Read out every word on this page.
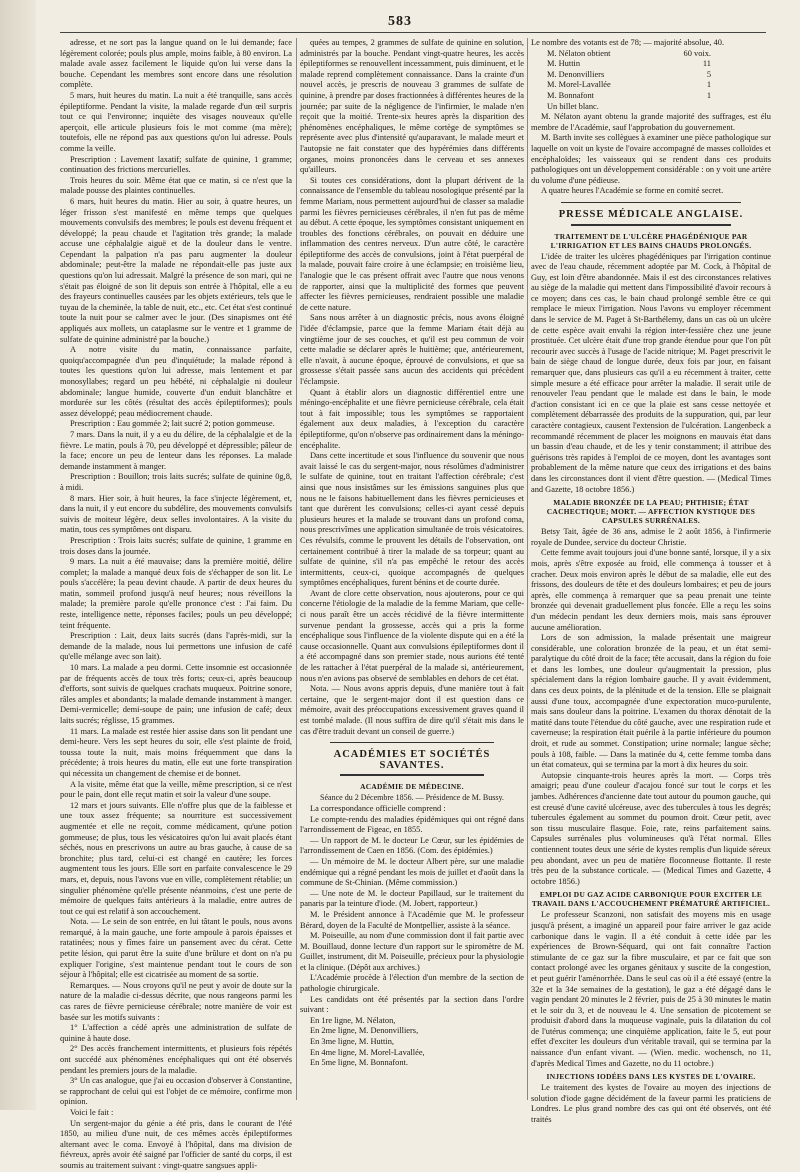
583

adresse, et ne sort pas la langue quand on le lui demande; face légèrement colorée; pouls plus ample, moins faible, à 80 environ. La malade avale assez facilement le liquide qu'on lui verse dans la bouche. Cependant les membres sont encore dans une résolution complète.

5 mars, huit heures du matin. La nuit a été tranquille, sans accès épileptiforme. Pendant la visite, la malade regarde d'un œil surpris tout ce qui l'environne; inquiète des visages nouveaux qu'elle aperçoit, elle articule plusieurs fois le mot comme (ma mère); toutefois, elle ne répond pas aux questions qu'on lui adresse. Pouls comme la veille.

Prescription : Lavement laxatif; sulfate de quinine, 1 gramme; continuation des frictions mercurielles.

Trois heures du soir. Même état que ce matin, si ce n'est que la malade pousse des plaintes continuelles.

6 mars, huit heures du matin. Hier au soir, à quatre heures, un léger frisson s'est manifesté en même temps que quelques mouvements convulsifs des membres; le pouls est devenu fréquent et développé; la peau chaude et l'agitation très grande; la malade accuse une céphalalgie aiguë et de la douleur dans le ventre. Cependant la palpation n'a pas paru augmenter la douleur abdominale; peut-être la malade ne répondait-elle pas juste aux questions qu'on lui adressait. Malgré la présence de son mari, qui ne s'était pas éloigné de son lit depuis son entrée à l'hôpital, elle a eu des frayeurs continuelles causées par les objets extérieurs, tels que le tuyau de la cheminée, la table de nuit, etc., etc. Cet état s'est continué toute la nuit pour se calmer avec le jour. (Des sinapismes ont été appliqués aux mollets, un cataplasme sur le ventre et 1 gramme de sulfate de quinine administré par la bouche.)

A notre visite du matin, connaissance parfaite, quoiqu'accompagnée d'un peu d'inquiétude; la malade répond à toutes les questions qu'on lui adresse, mais lentement et par monosyllabes; regard un peu hébété, ni céphalalgie ni douleur abdominale; langue humide, couverte d'un enduit blanchâtre et mordurée sur les côtés (résultat des accès épileptiformes); pouls assez développé; peau médiocrement chaude.

Prescription : Eau gommée 2; lait sucré 2; potion gommeuse.

7 mars. Dans la nuit, il y a eu du délire, de la céphalalgie et de la fièvre. Le matin, pouls à 70, peu développé et dépressible; pâleur de la face; encore un peu de lenteur dans les réponses. La malade demande instamment à manger.

Prescription : Bouillon; trois laits sucrés; sulfate de quinine 0g,8, à midi.

8 mars. Hier soir, à huit heures, la face s'injecte légèrement, et, dans la nuit, il y eut encore du subdélire, des mouvements convulsifs suivis de moiteur légère, deux selles involontaires. A la visite du matin, tous ces symptômes ont disparu.

Prescription : Trois laits sucrés; sulfate de quinine, 1 gramme en trois doses dans la journée.

9 mars. La nuit a été mauvaise; dans la première moitié, délire complet; la malade a manqué deux fois de s'échapper de son lit. Le pouls s'accélère; la peau devint chaude. A partir de deux heures du matin, sommeil profond jusqu'à neuf heures; nous réveillons la malade; la première parole qu'elle prononce c'est : J'ai faim. Du reste, intelligence nette, réponses faciles; pouls un peu développé; teint fréquente.

Prescription : Lait, deux laits sucrés (dans l'après-midi, sur la demande de la malade, nous lui permettons une infusion de café qu'elle mélange avec son lait).

10 mars. La malade a peu dormi. Cette insomnie est occasionnée par de fréquents accès de toux très forts; ceux-ci, après beaucoup d'efforts, sont suivis de quelques crachats muqueux. Poitrine sonore, râles amples et abondants; la malade demande instamment à manger. Demi-vermicelle; demi-soupe de pain; une infusion de café; deux laits sucrés; réglisse, 15 grammes.

11 mars. La malade est restée hier assise dans son lit pendant une demi-heure. Vers les sept heures du soir, elle s'est plainte de froid, toussa toute la nuit, mais moins fréquemment que dans la précédente; à trois heures du matin, elle eut une forte transpiration qui nécessita un changement de chemise et de bonnet.

A la visite, même état que la veille, même prescription, si ce n'est pour le pain, dont elle reçut matin et soir la valeur d'une soupe.

12 mars et jours suivants. Elle n'offre plus que de la faiblesse et une toux assez fréquente; sa nourriture est successivement augmentée et elle ne reçoit, comme médicament, qu'une potion gommeuse; de plus, tous les vésicatoires qu'on lui avait placés étant séchés, nous en prescrivons un autre au bras gauche, à cause de sa bronchite; plus tard, celui-ci est changé en cautère; les forces augmentent tous les jours. Elle sort en parfaite convalescence le 29 mars, et, depuis, nous l'avons vue en ville, complètement rétablie; un singulier phénomène qu'elle présente néanmoins, c'est une perte de mémoire de quelques faits antérieurs à la maladie, entre autres de tout ce qui est relatif à son accouchement.

Nota. — Le sein de son entrée, en lui tâtant le pouls, nous avons remarqué, à la main gauche, une forte ampoule à parois épaisses et ratatinées; nous y fîmes faire un pansement avec du cérat. Cette petite lésion, qui parut être la suite d'une brûlure et dont on n'a pu expliquer l'origine, s'est maintenue pendant tout le cours de son séjour à l'hôpital; elle est cicatrisée au moment de sa sortie.

Remarques. — Nous croyons qu'il ne peut y avoir de doute sur la nature de la maladie ci-dessus décrite, que nous rangeons parmi les cas rares de fièvre pernicieuse cérébrale; notre manière de voir est basée sur les motifs suivants :

1° L'affection a cédé après une administration de sulfate de quinine à haute dose.

2° Des accès franchement intermittents, et plusieurs fois répétés ont succédé aux phénomènes encéphaliques qui ont été observés pendant les premiers jours de la maladie.

3° Un cas analogue, que j'ai eu occasion d'observer à Constantine, se rapprochant de celui qui est l'objet de ce mémoire, confirme mon opinion.

Voici le fait :

Un sergent-major du génie a été pris, dans le courant de l'été 1850, au milieu d'une nuit, de ces mêmes accès épileptiformes alternant avec le coma. Envoyé à l'hôpital, dans ma division de fiévreux, après avoir été saigné par l'officier de santé du corps, il est soumis au traitement suivant : vingt-quatre sangsues appli-

quées au tempes, 2 grammes de sulfate de quinine en solution, administrés par la bouche. Pendant vingt-quatre heures, les accès épileptiformes se renouvellent incessamment, puis diminuent, et le malade reprend complètement connaissance. Dans la crainte d'un nouvel accès, je prescris de nouveau 3 grammes de sulfate de quinine, à prendre par doses fractionnées à différentes heures de la journée; par suite de la négligence de l'infirmier, le malade n'en reçoit que la moitié. Trente-six heures après la disparition des phénomènes encéphaliques, le même cortège de symptômes se représente avec plus d'intensité qu'auparavant, le malade meurt et l'autopsie ne fait constater que des hypérémies dans différents organes, moins prononcées dans le cerveau et ses annexes qu'ailleurs.

Si toutes ces considérations, dont la plupart dérivent de la connaissance de l'ensemble du tableau nosologique présenté par la femme Mariam, nous permettent aujourd'hui de classer sa maladie parmi les fièvres pernicieuses cérébrales, il n'en fut pas de même au début. A cette époque, les symptômes consistant uniquement en troubles des fonctions cérébrales, on pouvait en déduire une inflammation des centres nerveux. D'un autre côté, le caractère épileptiforme des accès de convulsions, joint à l'état puerpéral de la malade, pouvait faire croire à une éclampsie; en troisième lieu, l'analogie que le cas présent offrait avec l'autre que nous venons de rapporter, ainsi que la multiplicité des formes que peuvent affecter les fièvres pernicieuses, rendraient possible une maladie de cette nature.

Sans nous arrêter à un diagnostic précis, nous avons éloigné l'idée d'éclampsie, parce que la femme Mariam était déjà au vingtième jour de ses couches, et qu'il est peu commun de voir cette maladie se déclarer après le huitième; que, antérieurement, elle n'avait, à aucune époque, éprouvé de convulsions, et que sa grossesse s'était passée sans aucun des accidents qui précèdent l'éclampsie.

Quant à établir alors un diagnostic différentiel entre une méningo-encéphalite et une fièvre pernicieuse cérébrale, cela était tout à fait impossible; tous les symptômes se rapportaient également aux deux maladies, à l'exception du caractère épileptiforme, qu'on n'observe pas ordinairement dans la méningo-encéphalite.

Dans cette incertitude et sous l'influence du souvenir que nous avait laissé le cas du sergent-major, nous résolûmes d'administrer le sulfate de quinine, tout en traitant l'affection cérébrale; c'est ainsi que nous insistâmes sur les émissions sanguines plus que nous ne le faisons habituellement dans les fièvres pernicieuses et tant que durèrent les convulsions; celles-ci ayant cessé depuis plusieurs heures et la malade se trouvant dans un profond coma, nous prescrivîmes une application simultanée de trois vésicatoires. Ces révulsifs, comme le prouvent les détails de l'observation, ont certainement contribué à tirer la malade de sa torpeur; quant au sulfate de quinine, s'il n'a pas empêché le retour des accès intermittents, ceux-ci, quoique accompagnés de quelques symptômes encéphaliques, furent bénins et de courte durée.

Avant de clore cette observation, nous ajouterons, pour ce qui concerne l'étiologie de la maladie de la femme Mariam, que celle-ci nous paraît être un accès récidivé de la fièvre intermittente survenue pendant la grossesse, accès qui a pris la forme encéphalique sous l'influence de la violente dispute qui en a été la cause occasionnelle. Quant aux convulsions épileptiformes dont il a été accompagné dans son premier stade, nous aurions été tenté de les rattacher à l'état puerpéral de la malade si, antérieurement, nous n'en avions pas observé de semblables en dehors de cet état.

Nota. — Nous avons appris depuis, d'une manière tout à fait certaine, que le sergent-major dont il est question dans ce mémoire, avait des préoccupations excessivement graves quand il est tombé malade. (Il nous suffira de dire qu'il s'était mis dans le cas d'être traduit devant un conseil de guerre.)

ACADÉMIES ET SOCIÉTÉS SAVANTES.
ACADÉMIE DE MÉDECINE.
Séance du 2 Décembre 1856. — Présidence de M. Bussy.

La correspondance officielle comprend :

Le compte-rendu des maladies épidémiques qui ont régné dans l'arrondissement de Figeac, en 1855.

— Un rapport de M. le docteur Le Cœur, sur les épidémies de l'arrondissement de Caen en 1856. (Com. des épidémies.)

— Un mémoire de M. le docteur Albert père, sur une maladie endémique qui a régné pendant les mois de juillet et d'août dans la commune de St-Chinian. (Même commission.)

— Une note de M. le docteur Papillaud, sur le traitement du panaris par la teinture d'iode. (M. Jobert, rapporteur.)

M. le Président annonce à l'Académie que M. le professeur Bérard, doyen de la Faculté de Montpellier, assiste à la séance.

M. Poiseuille, au nom d'une commission dont il fait partie avec M. Bouillaud, donne lecture d'un rapport sur le spiromètre de M. Guillet, instrument, dit M. Poiseuille, précieux pour la physiologie et la clinique. (Dépôt aux archives.)

L'Académie procède à l'élection d'un membre de la section de pathologie chirurgicale.

Les candidats ont été présentés par la section dans l'ordre suivant :

En 1re ligne, M. Nélaton,

En 2me ligne, M. Denonvilliers,

En 3me ligne, M. Huttin,

En 4me ligne, M. Morel-Lavallée,

En 5me ligne, M. Bonnafont.

Le nombre des votants est de 78; — majorité absolue, 40.

60 voix.
M. Nélaton obtient
11
M. Huttin
5
M. Denonvilliers
1
M. Morel-Lavallée
1
M. Bonnafont
Un billet blanc.

M. Nélaton ayant obtenu la grande majorité des suffrages, est élu membre de l'Académie, sauf l'approbation du gouvernement.

M. Barth invite ses collègues à examiner une pièce pathologique sur laquelle on voit un kyste de l'ovaire accompagné de masses colloïdes et encéphaloïdes; les vaisseaux qui se rendent dans ces produits pathologiques ont un développement considérable : on y voit une artère du volume d'une pédieuse.

A quatre heures l'Académie se forme en comité secret.

PRESSE MÉDICALE ANGLAISE.
TRAITEMENT DE L'ULCÈRE PHAGÉDÉNIQUE PAR L'IRRIGATION ET LES BAINS CHAUDS PROLONGÉS.

L'idée de traiter les ulcères phagédéniques par l'irrigation continue avec de l'eau chaude, récemment adoptée par M. Cock, à l'hôpital de Guy, est loin d'être abandonnée. Mais il est des circonstances relatives au siège de la maladie qui mettent dans l'impossibilité d'avoir recours à ce moyen; dans ces cas, le bain chaud prolongé semble être ce qui remplace le mieux l'irrigation. Nous l'avons vu employer récemment dans le service de M. Paget à St-Barthélemy, dans un cas où un ulcère de cette espèce avait envahi la région inter-fessière chez une jeune prostituée. Cet ulcère était d'une trop grande étendue pour que l'on pût recourir avec succès à l'usage de l'acide nitrique; M. Paget prescrivit le bain de siège chaud de longue durée, deux fois par jour, en faisant remarquer que, dans plusieurs cas qu'il a eu récemment à traiter, cette simple mesure a été efficace pour arrêter la maladie. Il serait utile de renouveler l'eau pendant que le malade est dans le bain, le mode d'action consistant ici en ce que la plaie est sans cesse nettoyée et complètement débarrassée des produits de la suppuration, qui, par leur caractère contagieux, causent l'extension de l'ulcération. Langenbeck a recommandé récemment de placer les moignons en mauvais état dans un bassin d'eau chaude, et de les y tenir constamment; il attribue des guérisons très rapides à l'emploi de ce moyen, dont les avantages sont probablement de la même nature que ceux des irrigations et des bains dans les circonstances dont il vient d'être question. — (Medical Times and Gazette, 18 octobre 1856.)

MALADIE BRONZÉE DE LA PEAU; PHTHISIE; ÉTAT CACHECTIQUE; MORT. — AFFECTION KYSTIQUE DES CAPSULES SURRÉNALES.

Betsy Tait, âgée de 36 ans, admise le 2 août 1856, à l'infirmerie royale de Dundee, service du docteur Christie.

Cette femme avait toujours joui d'une bonne santé, lorsque, il y a six mois, après s'être exposée au froid, elle commença à tousser et à cracher. Deux mois environ après le début de sa maladie, elle eut des frissons, des douleurs de tête et des douleurs lombaires; et peu de jours après, elle commença à remarquer que sa peau prenait une teinte bronzée qui devenait graduellement plus foncée. Elle a reçu les soins d'un médecin pendant les deux derniers mois, mais sans éprouver aucune amélioration.

Lors de son admission, la malade présentait une maigreur considérable, une coloration bronzée de la peau, et un état semi-paralytique du côté droit de la face; tête accusait, dans la région du foie et dans les lombes, une douleur qu'augmentait la pression, plus spécialement dans la région lombaire gauche. Il y avait évidemment, dans ces deux points, de la plénitude et de la tension. Elle se plaignait aussi d'une toux, accompagnée d'une expectoration muco-purulente, mais sans douleur dans la poitrine. L'examen du thorax dénotait de la matité dans toute l'étendue du côté gauche, avec une respiration rude et caverneuse; la respiration était puérile à la partie inférieure du poumon droit, et rude au sommet. Constipation; urine normale; langue sèche; pouls à 108, faible. — Dans la matinée du 4, cette femme tomba dans un état comateux, qui se termina par la mort à dix heures du soir.

Autopsie cinquante-trois heures après la mort. — Corps très amaigri; peau d'une couleur d'acajou foncé sur tout le corps et les jambes. Adhérences d'ancienne date tout autour du poumon gauche, qui est creusé d'une cavité ulcéreuse, avec des tubercules à tous les degrés; tubercules également au sommet du poumon droit. Cœur petit, avec son tissu musculaire flasque. Foie, rate, reins parfaitement sains. Capsules surrénales plus volumineuses qu'à l'état normal. Elles contiennent toutes deux une série de kystes remplis d'un liquide séreux peu abondant, avec un peu de matière floconneuse flottante. Il reste très peu de la substance corticale. — (Medical Times and Gazette, 4 octobre 1856.)

EMPLOI DU GAZ ACIDE CARBONIQUE POUR EXCITER LE TRAVAIL DANS L'ACCOUCHEMENT PRÉMATURÉ ARTIFICIEL.

Le professeur Scanzoni, non satisfait des moyens mis en usage jusqu'à présent, a imaginé un appareil pour faire arriver le gaz acide carbonique dans le vagin. Il a été conduit à cette idée par les expériences de Brown-Séquard, qui ont fait connaître l'action stimulante de ce gaz sur la fibre musculaire, et par ce fait que son contact prolongé avec les organes génitaux y suscite de la congestion, et peut guérir l'aménorrhée. Dans le seul cas où il a été essayé (entre la 32e et la 34e semaines de la gestation), le gaz a été dégagé dans le vagin pendant 20 minutes le 2 février, puis de 25 à 30 minutes le matin et le soir du 3, et de nouveau le 4. Une sensation de picotement se produisit d'abord dans la muqueuse vaginale, puis la dilatation du col de l'utérus commença; une cinquième application, faite le 5, eut pour effet d'exciter les douleurs d'un véritable travail, qui se termina par la naissance d'un enfant vivant. — (Wien. medic. wochensch, no 11, d'après Medical Times and Gazette, no du 11 octobre.)

INJECTIONS IODÉES DANS LES KYSTES DE L'OVAIRE.

Le traitement des kystes de l'ovaire au moyen des injections de solution d'iode gagne décidément de la faveur parmi les praticiens de Londres. Le plus grand nombre des cas qui ont été observés, ont été traités
